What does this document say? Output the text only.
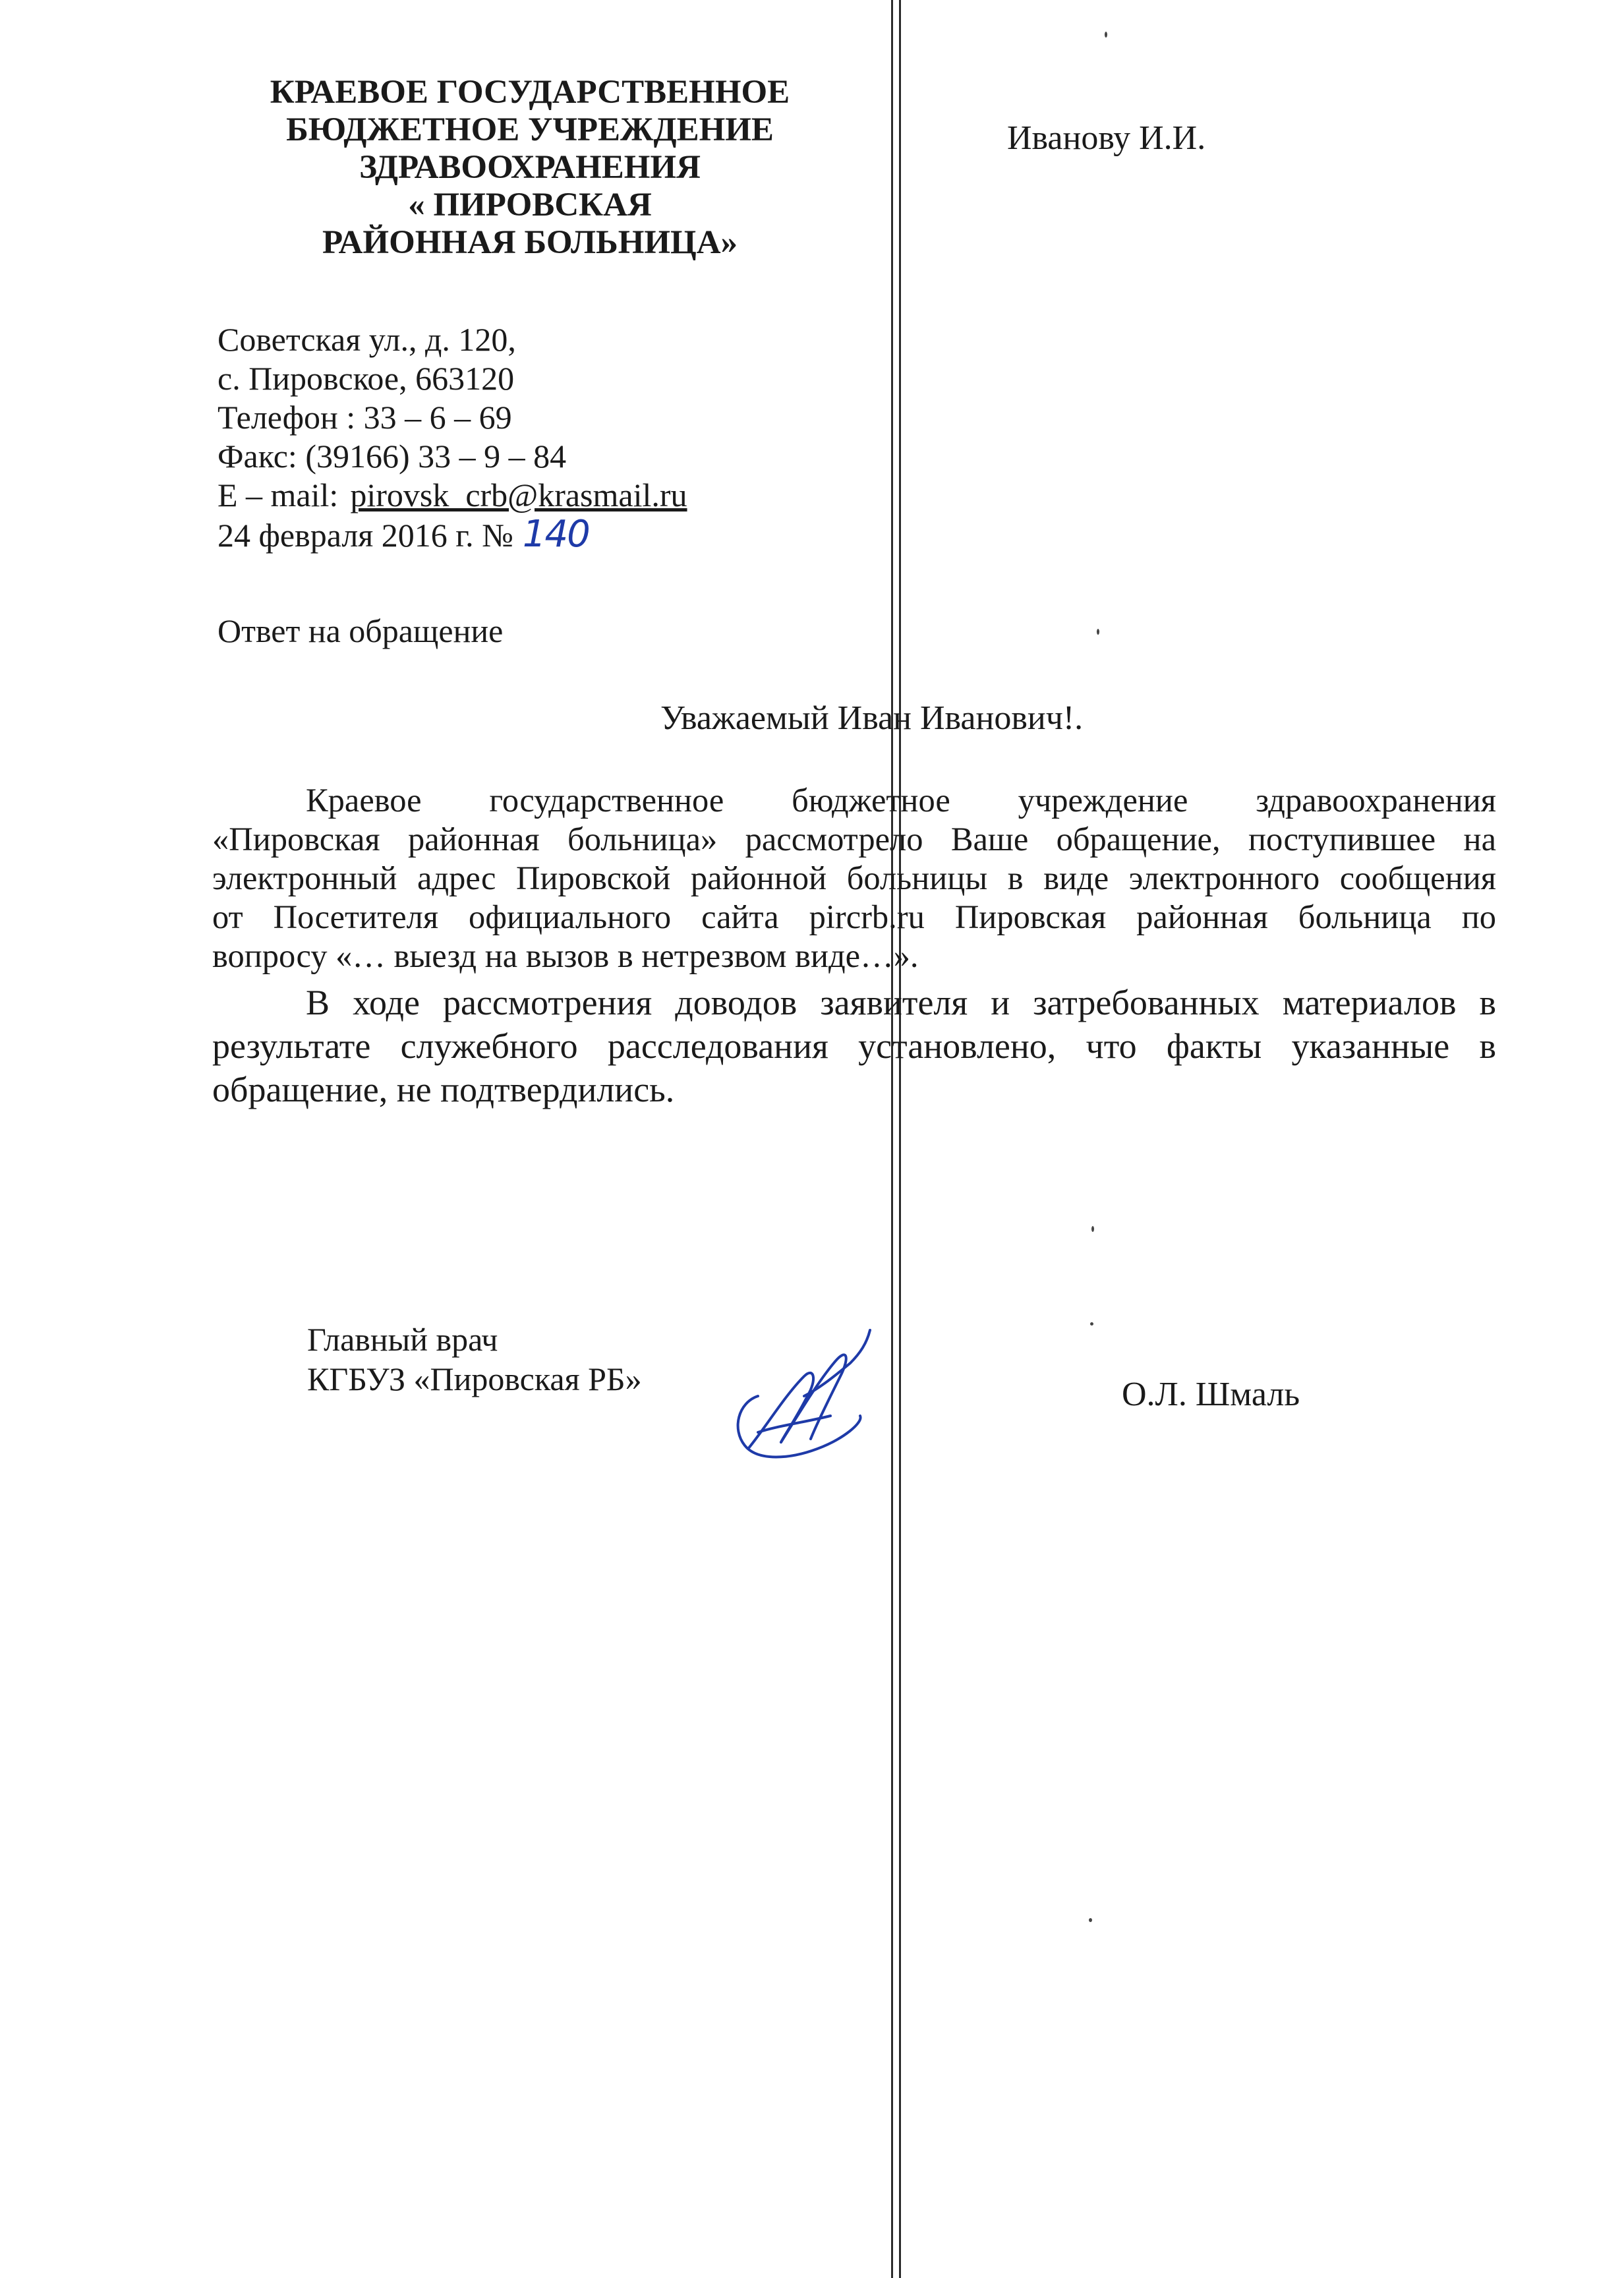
КРАЕВОЕ ГОСУДАРСТВЕННОЕ
БЮДЖЕТНОЕ УЧРЕЖДЕНИЕ
ЗДРАВООХРАНЕНИЯ
« ПИРОВСКАЯ
РАЙОННАЯ БОЛЬНИЦА»
Иванову И.И.
Советская ул., д. 120,
с. Пировское, 663120
Телефон : 33 – 6 – 69
Факс: (39166) 33 – 9 – 84
E – mail: pirovsk_crb@krasmail.ru
24 февраля 2016 г. № 140
Ответ на обращение
Уважаемый Иван Иванович!.

Краевое государственное бюджетное учреждение здравоохранения
«Пировская районная больница» рассмотрело Ваше обращение, поступившее на
электронный адрес Пировской районной больницы в виде электронного сообщения
от Посетителя официального сайта pircrb.ru Пировская районная больница по
вопросу «… выезд на вызов в нетрезвом виде…».

В ходе рассмотрения доводов заявителя и затребованных материалов в
результате служебного расследования установлено, что факты указанные в
обращение, не подтвердились.

Главный врач
КГБУЗ «Пировская РБ»	О.Л. Шмаль
